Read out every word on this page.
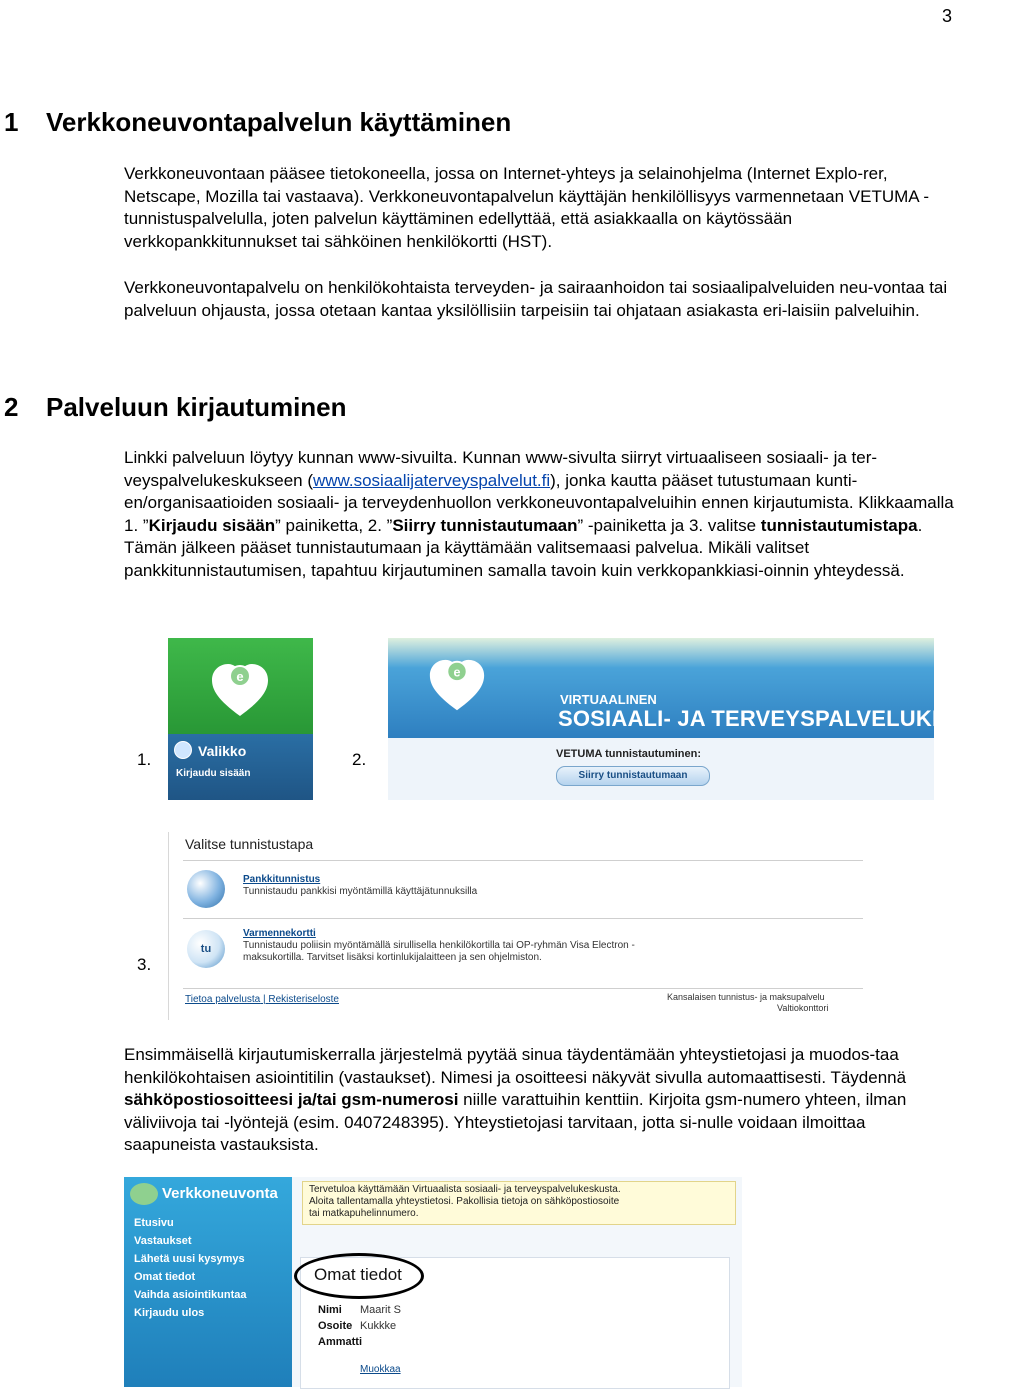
3
1 Verkkoneuvontapalvelun käyttäminen

Verkkoneuvontaan pääsee tietokoneella, jossa on Internet-yhteys ja selainohjelma (Internet Explo-rer, Netscape, Mozilla tai vastaava). Verkkoneuvontapalvelun käyttäjän henkilöllisyys varmennetaan VETUMA -tunnistuspalvelulla, joten palvelun käyttäminen edellyttää, että asiakkaalla on käytössään verkkopankkitunnukset tai sähköinen henkilökortti (HST).

Verkkoneuvontapalvelu on henkilökohtaista terveyden- ja sairaanhoidon tai sosiaalipalveluiden neu-vontaa tai palveluun ohjausta, jossa otetaan kantaa yksilöllisiin tarpeisiin tai ohjataan asiakasta eri-laisiin palveluihin.

2 Palveluun kirjautuminen

Linkki palveluun löytyy kunnan www-sivuilta. Kunnan www-sivulta siirryt virtuaaliseen sosiaali- ja ter-veyspalvelukeskukseen (www.sosiaalijaterveyspalvelut.fi), jonka kautta pääset tutustumaan kunti-en/organisaatioiden sosiaali- ja terveydenhuollon verkkoneuvontapalveluihin ennen kirjautumista. Klikkaamalla 1. ”Kirjaudu sisään” painiketta, 2. ”Siirry tunnistautumaan” -painiketta ja 3. valitse tunnistautumistapa. Tämän jälkeen pääset tunnistautumaan ja käyttämään valitsemaasi palvelua. Mikäli valitset pankkitunnistautumisen, tapahtuu kirjautuminen samalla tavoin kuin verkkopankkiasi-oinnin yhteydessä.

1.	2.
3.
e
Valikko
Kirjaudu sisään
e
VIRTUAALINEN
SOSIAALI- JA TERVEYSPALVELUKESKUS
VETUMA tunnistautuminen:
Siirry tunnistautumaan
Valitse tunnistustapa
Pankkitunnistus
Tunnistaudu pankkisi myöntämillä käyttäjätunnuksilla
tu
Varmennekortti
Tunnistaudu poliisin myöntämällä sirullisella henkilökortilla tai OP-ryhmän Visa Electron -
maksukortilla. Tarvitset lisäksi kortinlukijalaitteen ja sen ohjelmiston.
Tietoa palvelusta | Rekisteriseloste	Kansalaisen tunnistus- ja maksupalvelu
Valtiokonttori

Ensimmäisellä kirjautumiskerralla järjestelmä pyytää sinua täydentämään yhteystietojasi ja muodos-taa henkilökohtaisen asiointitilin (vastaukset). Nimesi ja osoitteesi näkyvät sivulla automaattisesti. Täydennä sähköpostiosoitteesi ja/tai gsm-numerosi niille varattuihin kenttiin. Kirjoita gsm-numero yhteen, ilman väliviivoja tai -lyöntejä (esim. 0407248395). Yhteystietojasi tarvitaan, jotta si-nulle voidaan ilmoittaa saapuneista vastauksista.

Verkkoneuvonta
Etusivu
Vastaukset
Lähetä uusi kysymys
Omat tiedot
Vaihda asiointikuntaa
Kirjaudu ulos
Tervetuloa käyttämään Virtuaalista sosiaali- ja terveyspalvelukeskusta.
Aloita tallentamalla yhteystietosi. Pakollisia tietoja on sähköpostiosoite
tai matkapuhelinnumero.
Omat tiedot
Nimi Maarit S
Osoite Kukkke
Ammatti
Muokkaa
